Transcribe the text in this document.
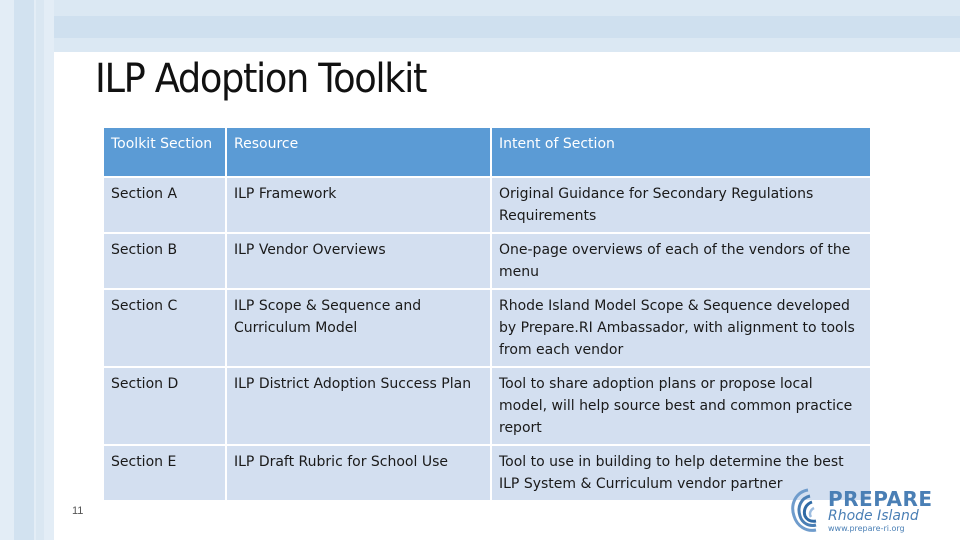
ILP Adoption Toolkit
Toolkit Section	Resource	Intent of Section
Section A	ILP Framework	Original Guidance for Secondary Regulations Requirements
Section B	ILP Vendor Overviews	One-page overviews of each of the vendors of the menu
Section C	ILP Scope & Sequence and Curriculum Model	Rhode Island Model Scope & Sequence developed by Prepare.RI Ambassador, with alignment to tools from each vendor
Section D	ILP District Adoption Success Plan	Tool to share adoption plans or propose local model, will help source best and common practice report
Section E	ILP Draft Rubric for School Use	Tool to use in building to help determine the best ILP System & Curriculum vendor partner
11	PREPARE
Rhode Island
www.prepare-ri.org
